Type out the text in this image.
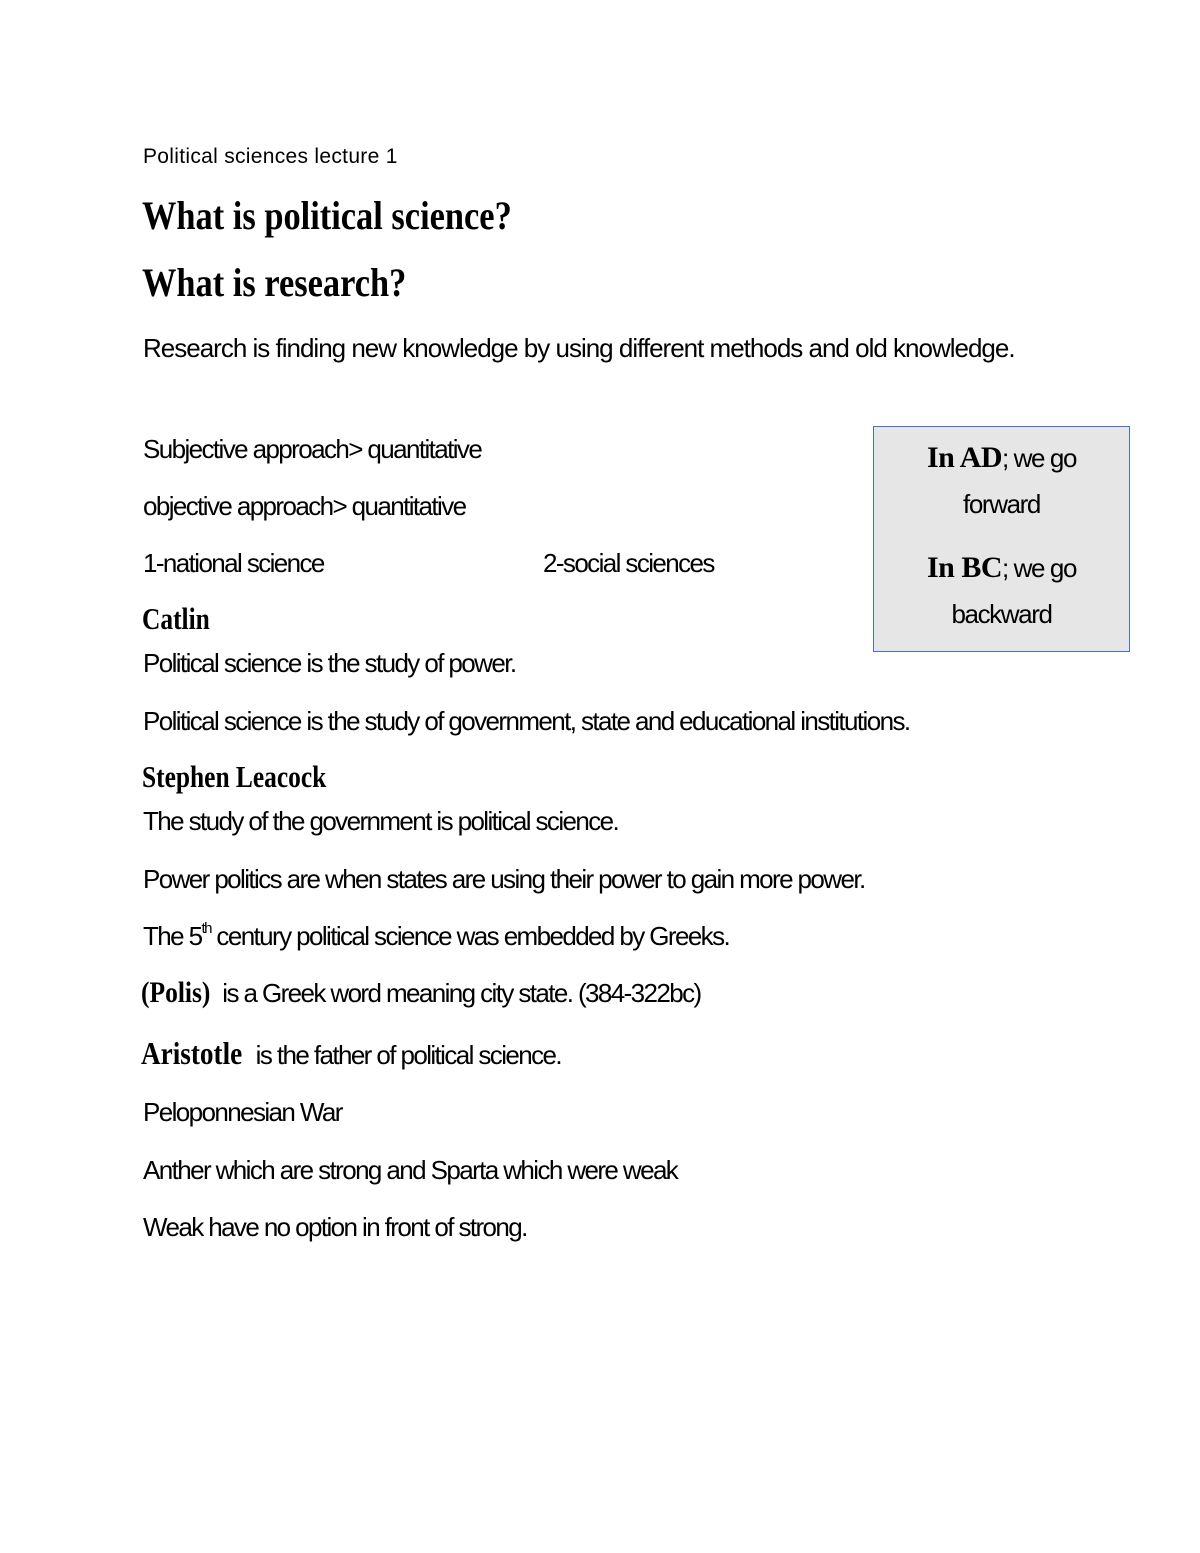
Political sciences lecture 1
What is political science?
What is research?
Research is finding new knowledge by using different methods and old knowledge.
Subjective approach> quantitative
objective approach> quantitative
1-national science	2-social sciences
Catlin
Political science is the study of power.
Political science is the study of government, state and educational institutions.
Stephen Leacock
The study of the government is political science.
Power politics are when states are using their power to gain more power.
The 5th century political science was embedded by Greeks.
(Polis) is a Greek word meaning city state. (384-322bc)
Aristotle is the father of political science.
Peloponnesian War
Anther which are strong and Sparta which were weak
Weak have no option in front of strong.
In AD; we go
forward
In BC; we go
backward
